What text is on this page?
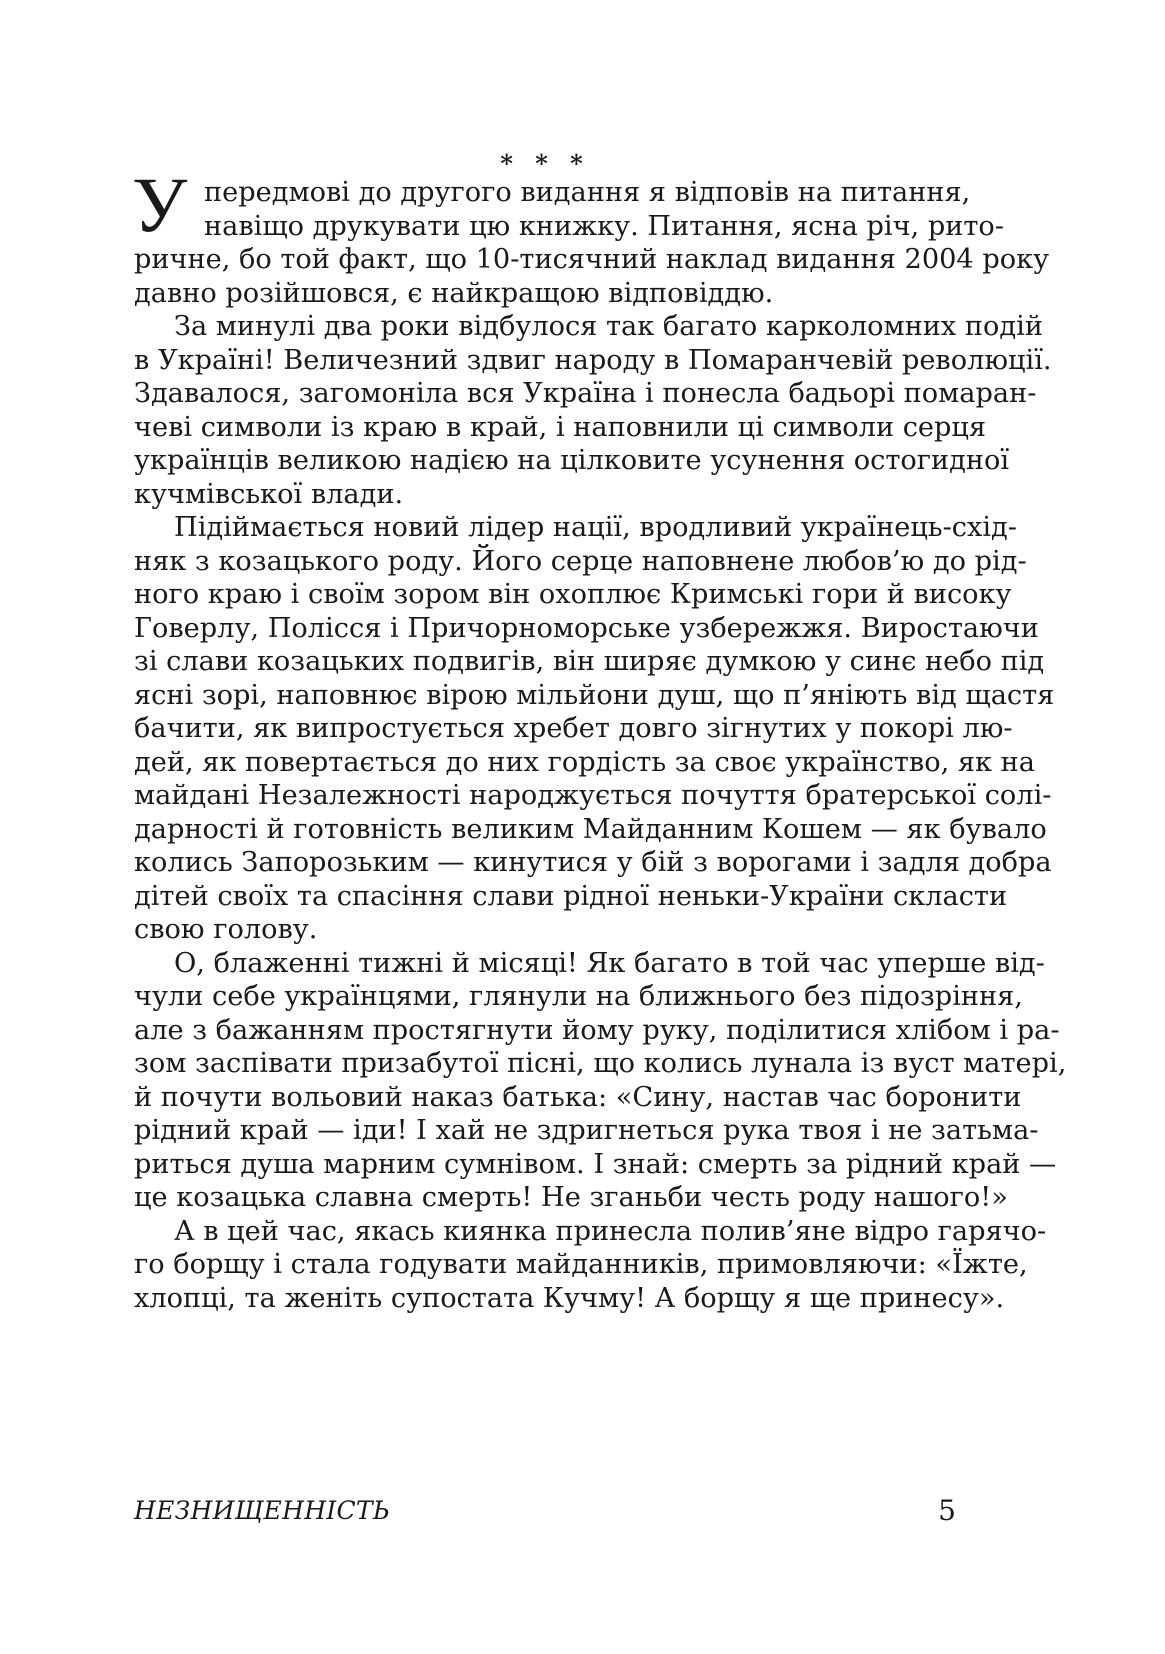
* * *
У передмові до другого видання я відповів на питання,
навіщо друкувати цю книжку. Питання, ясна річ, рито-
ричне, бо той факт, що 10-тисячний наклад видання 2004 року
давно розійшовся, є найкращою відповіддю.
За минулі два роки відбулося так багато карколомних подій
в Україні! Величезний здвиг народу в Помаранчевій революції.
Здавалося, загомоніла вся Україна і понесла бадьорі помаран-
чеві символи із краю в край, і наповнили ці символи серця
українців великою надією на цілковите усунення остогидної
кучмівської влади.
Підіймається новий лідер нації, вродливий українець-схід-
няк з козацького роду. Його серце наповнене любов’ю до рід-
ного краю і своїм зором він охоплює Кримські гори й високу
Говерлу, Полісся і Причорноморське узбережжя. Виростаючи
зі слави козацьких подвигів, він ширяє думкою у синє небо під
ясні зорі, наповнює вірою мільйони душ, що п’яніють від щастя
бачити, як випростується хребет довго зігнутих у покорі лю-
дей, як повертається до них гордість за своє українство, як на
майдані Незалежності народжується почуття братерської солі-
дарності й готовність великим Майданним Кошем — як бувало
колись Запорозьким — кинутися у бій з ворогами і задля добра
дітей своїх та спасіння слави рідної неньки-України скласти
свою голову.
О, блаженні тижні й місяці! Як багато в той час уперше від-
чули себе українцями, глянули на ближнього без підозріння,
але з бажанням простягнути йому руку, поділитися хлібом і ра-
зом заспівати призабутої пісні, що колись лунала із вуст матері,
й почути вольовий наказ батька: «Сину, настав час боронити
рідний край — іди! І хай не здригнеться рука твоя і не затьма-
риться душа марним сумнівом. І знай: смерть за рідний край —
це козацька славна смерть! Не зганьби честь роду нашого!»
А в цей час, якась киянка принесла полив’яне відро гарячо-
го борщу і стала годувати майданників, примовляючи: «Їжте,
хлопці, та женіть супостата Кучму! А борщу я ще принесу».
НЕЗНИЩЕННІСТЬ	5
